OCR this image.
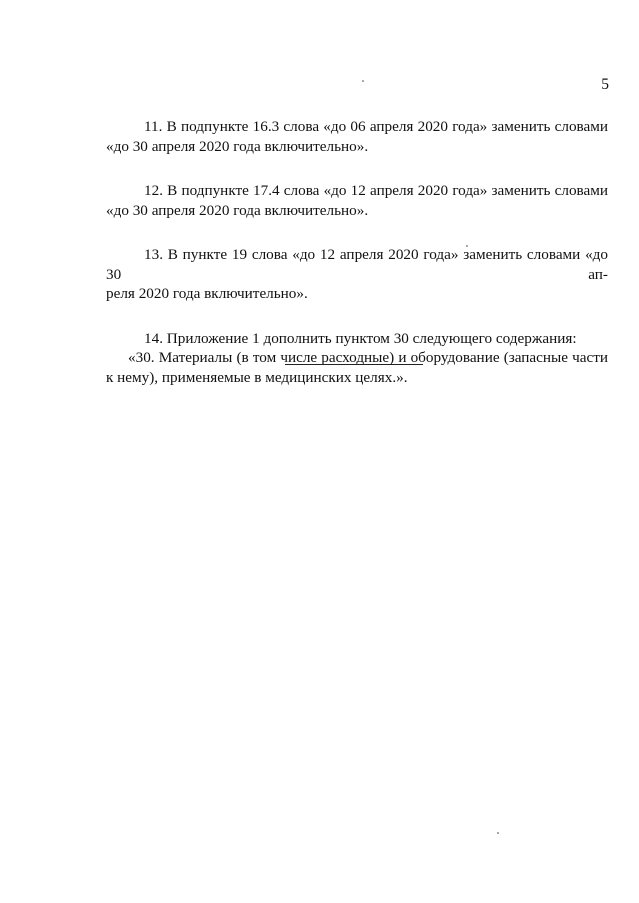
5
11. В подпункте 16.3 слова «до 06 апреля 2020 года» заменить словами
«до 30 апреля 2020 года включительно».
12. В подпункте 17.4 слова «до 12 апреля 2020 года» заменить словами
«до 30 апреля 2020 года включительно».
13. В пункте 19 слова «до 12 апреля 2020 года» заменить словами «до 30 ап-
реля 2020 года включительно».
14. Приложение 1 дополнить пунктом 30 следующего содержания:
«30. Материалы (в том числе расходные) и оборудование (запасные части
к нему), применяемые в медицинских целях.».
